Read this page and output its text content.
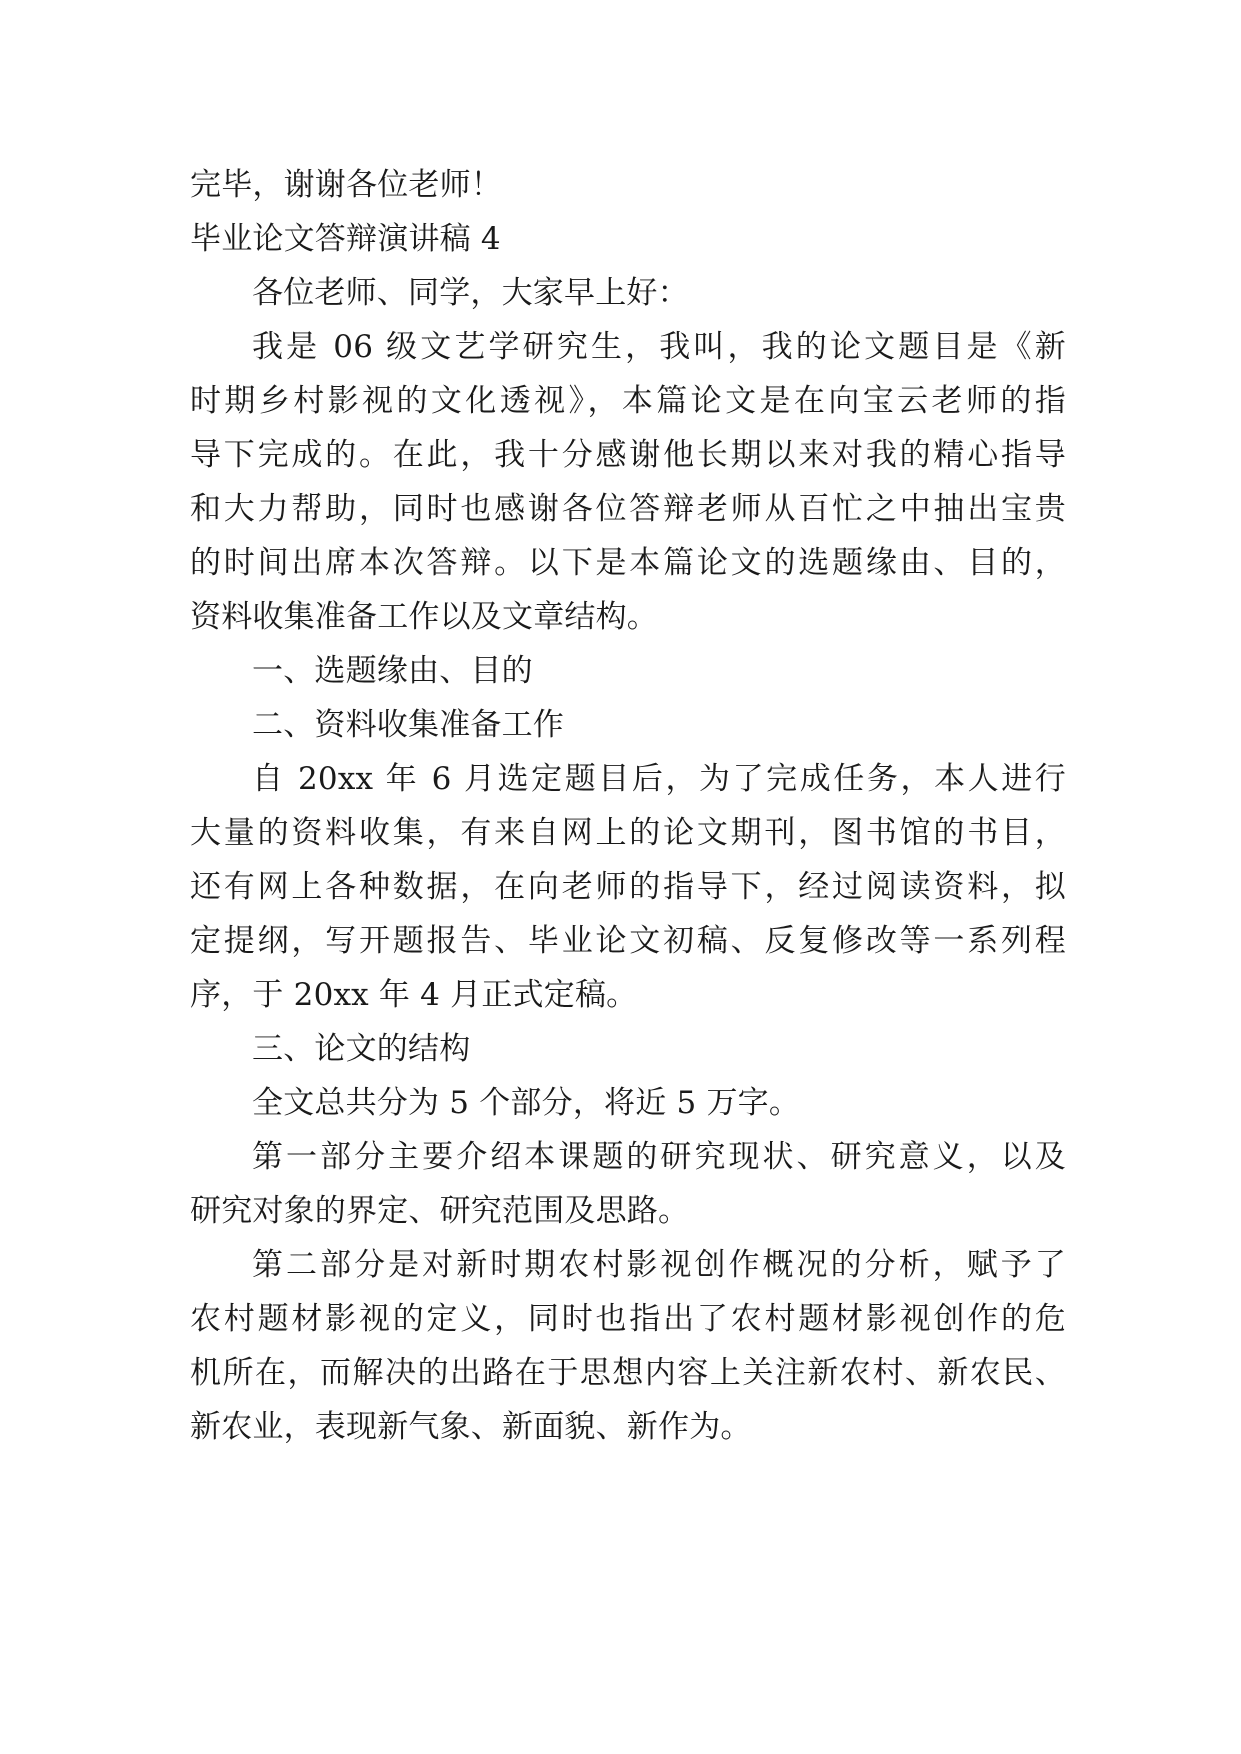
完毕，谢谢各位老师！

毕业论文答辩演讲稿 4

各位老师、同学，大家早上好：

我是 06 级文艺学研究生，我叫，我的论文题目是《新
时期乡村影视的文化透视》，本篇论文是在向宝云老师的指
导下完成的。在此，我十分感谢他长期以来对我的精心指导
和大力帮助，同时也感谢各位答辩老师从百忙之中抽出宝贵
的时间出席本次答辩。以下是本篇论文的选题缘由、目的，
资料收集准备工作以及文章结构。

一、选题缘由、目的

二、资料收集准备工作

自 20xx 年 6 月选定题目后，为了完成任务，本人进行
大量的资料收集，有来自网上的论文期刊，图书馆的书目，
还有网上各种数据，在向老师的指导下，经过阅读资料，拟
定提纲，写开题报告、毕业论文初稿、反复修改等一系列程
序，于 20xx 年 4 月正式定稿。

三、论文的结构

全文总共分为 5 个部分，将近 5 万字。

第一部分主要介绍本课题的研究现状、研究意义，以及
研究对象的界定、研究范围及思路。
第二部分是对新时期农村影视创作概况的分析，赋予了
农村题材影视的定义，同时也指出了农村题材影视创作的危
机所在，而解决的出路在于思想内容上关注新农村、新农民、
新农业，表现新气象、新面貌、新作为。
